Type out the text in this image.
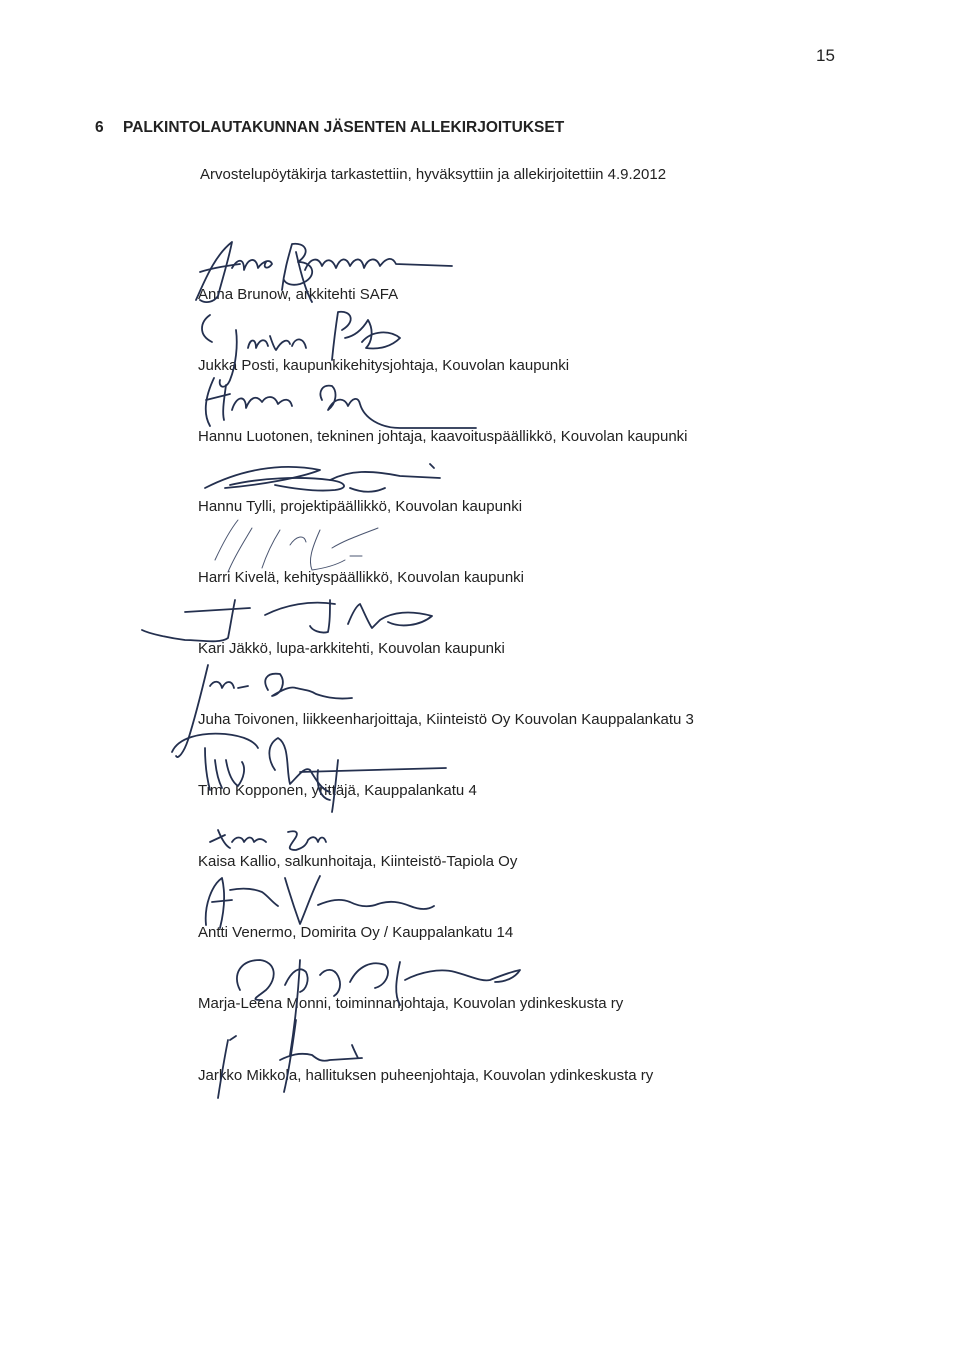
15
6 PALKINTOLAUTAKUNNAN JÄSENTEN ALLEKIRJOITUKSET
Arvostelupöytäkirja tarkastettiin, hyväksyttiin ja allekirjoitettiin 4.9.2012
Anna Brunow, arkkitehti SAFA
Jukka Posti, kaupunkikehitysjohtaja, Kouvolan kaupunki
Hannu Luotonen, tekninen johtaja, kaavoituspäällikkö, Kouvolan kaupunki
Hannu Tylli, projektipäällikkö, Kouvolan kaupunki
Harri Kivelä, kehityspäällikkö, Kouvolan kaupunki
Kari Jäkkö, lupa-arkkitehti, Kouvolan kaupunki
Juha Toivonen, liikkeenharjoittaja, Kiinteistö Oy Kouvolan Kauppalankatu 3
Timo Kopponen, yrittäjä, Kauppalankatu 4
Kaisa Kallio, salkunhoitaja, Kiinteistö-Tapiola Oy
Antti Venermo, Domirita Oy / Kauppalankatu 14
Marja-Leena Monni, toiminnanjohtaja, Kouvolan ydinkeskusta ry
Jarkko Mikkola, hallituksen puheenjohtaja, Kouvolan ydinkeskusta ry
